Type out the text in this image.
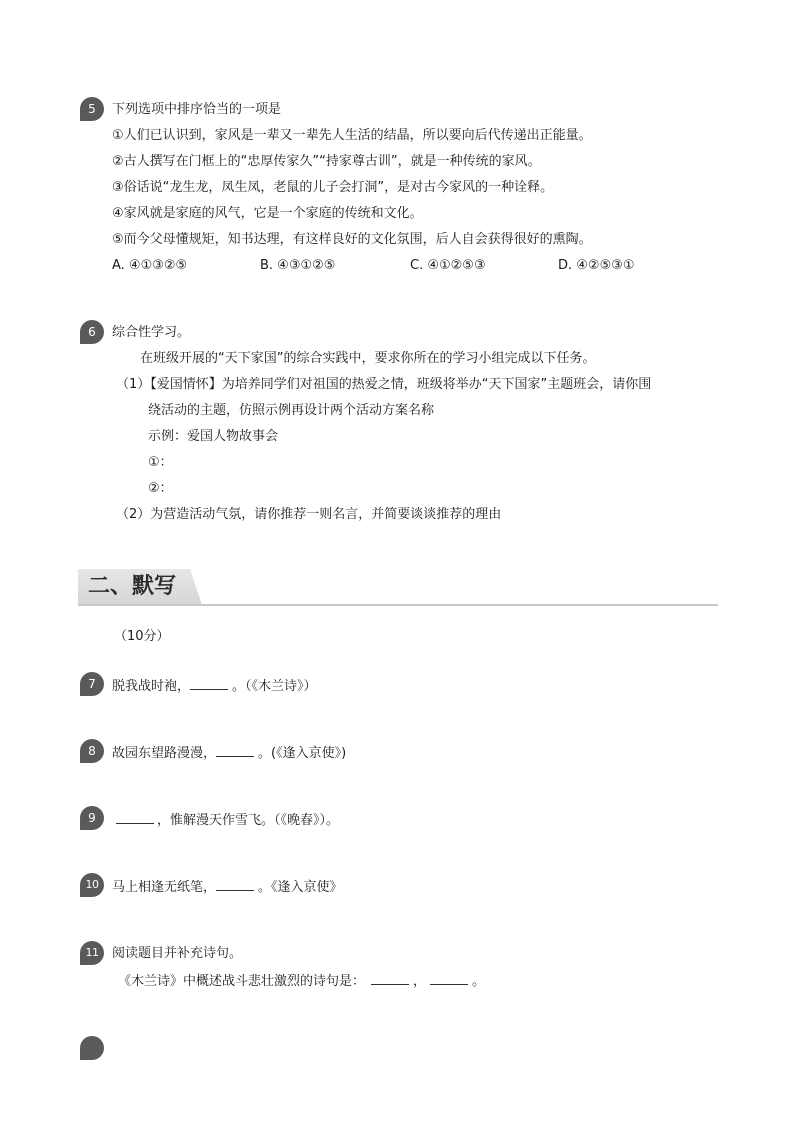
5	下列选项中排序恰当的一项是
①人们已认识到，家风是一辈又一辈先人生活的结晶，所以要向后代传递出正能量。
②古人撰写在门框上的“忠厚传家久”“持家尊古训”，就是一种传统的家风。
③俗话说“龙生龙，凤生凤，老鼠的儿子会打洞”，是对古今家风的一种诠释。
④家风就是家庭的风气，它是一个家庭的传统和文化。
⑤而今父母懂规矩，知书达理，有这样良好的文化氛围，后人自会获得很好的熏陶。
A. ④①③②⑤	B. ④③①②⑤	C. ④①②⑤③	D. ④②⑤③①
6	综合性学习。
在班级开展的“天下家国”的综合实践中，要求你所在的学习小组完成以下任务。
（1）【爱国情怀】为培养同学们对祖国的热爱之情，班级将举办“天下国家”主题班会，请你围
绕活动的主题，仿照示例再设计两个活动方案名称
示例：爱国人物故事会
①：
②：
（2）为营造活动气氛，请你推荐一则名言，并简要谈谈推荐的理由
二、默写
（10分）
7	脱我战时袍，	。（《木兰诗》）
8	故园东望路漫漫，	。(《逢入京使》)
9	，惟解漫天作雪飞。（《晚春》）。
10	马上相逢无纸笔，	。《逢入京使》
11	阅读题目并补充诗句。
《木兰诗》中概述战斗悲壮激烈的诗句是：	，	。
